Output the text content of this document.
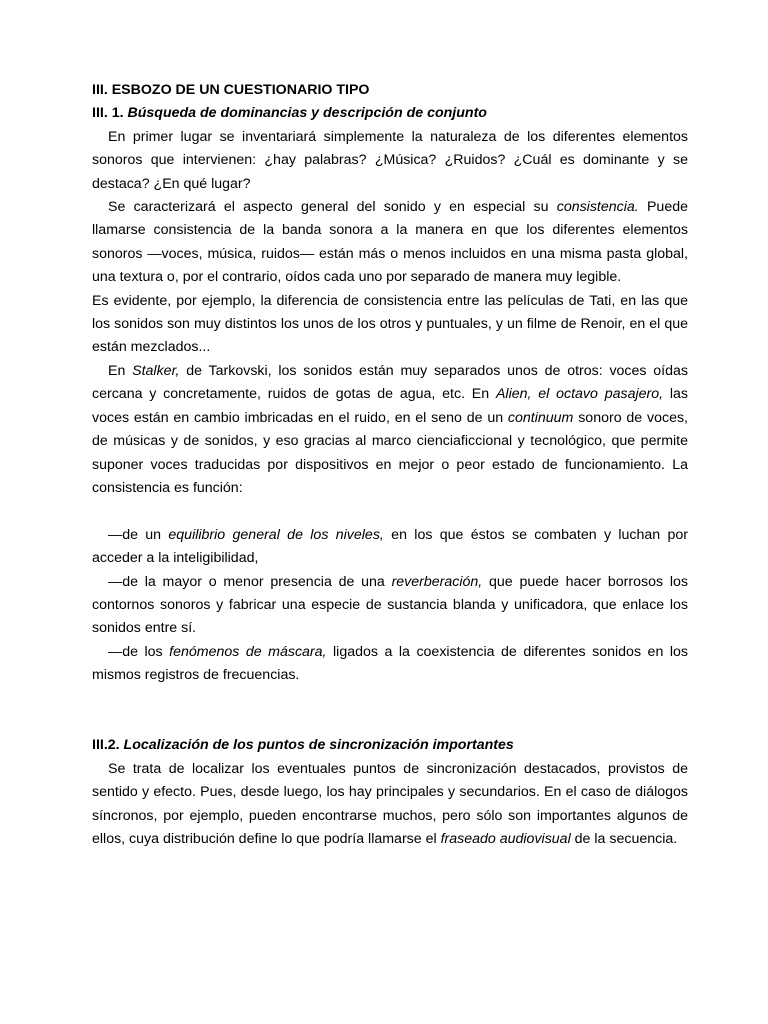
III. ESBOZO DE UN CUESTIONARIO TIPO

III. 1. Búsqueda de dominancias y descripción de conjunto

En primer lugar se inventariará simplemente la naturaleza de los diferentes elementos sonoros que intervienen: ¿hay palabras? ¿Música? ¿Ruidos? ¿Cuál es dominante y se destaca? ¿En qué lugar?

Se caracterizará el aspecto general del sonido y en especial su consistencia. Puede llamarse consistencia de la banda sonora a la manera en que los diferentes elementos sonoros —voces, música, ruidos— están más o menos incluidos en una misma pasta global, una textura o, por el contrario, oídos cada uno por separado de manera muy legible.

Es evidente, por ejemplo, la diferencia de consistencia entre las películas de Tati, en las que los sonidos son muy distintos los unos de los otros y puntuales, y un filme de Renoir, en el que están mezclados...

En Stalker, de Tarkovski, los sonidos están muy separados unos de otros: voces oídas cercana y concretamente, ruidos de gotas de agua, etc. En Alien, el octavo pasajero, las voces están en cambio imbricadas en el ruido, en el seno de un continuum sonoro de voces, de músicas y de sonidos, y eso gracias al marco cienciaficcional y tecnológico, que permite suponer voces traducidas por dispositivos en mejor o peor estado de funcionamiento. La consistencia es función:

—de un equilibrio general de los niveles, en los que éstos se combaten y luchan por acceder a la inteligibilidad,

—de la mayor o menor presencia de una reverberación, que puede hacer borrosos los contornos sonoros y fabricar una especie de sustancia blanda y unificadora, que enlace los sonidos entre sí.

—de los fenómenos de máscara, ligados a la coexistencia de diferentes sonidos en los mismos registros de frecuencias.

III.2. Localización de los puntos de sincronización importantes

Se trata de localizar los eventuales puntos de sincronización destacados, provistos de sentido y efecto. Pues, desde luego, los hay principales y secundarios. En el caso de diálogos síncronos, por ejemplo, pueden encontrarse muchos, pero sólo son importantes algunos de ellos, cuya distribución define lo que podría llamarse el fraseado audiovisual de la secuencia.
